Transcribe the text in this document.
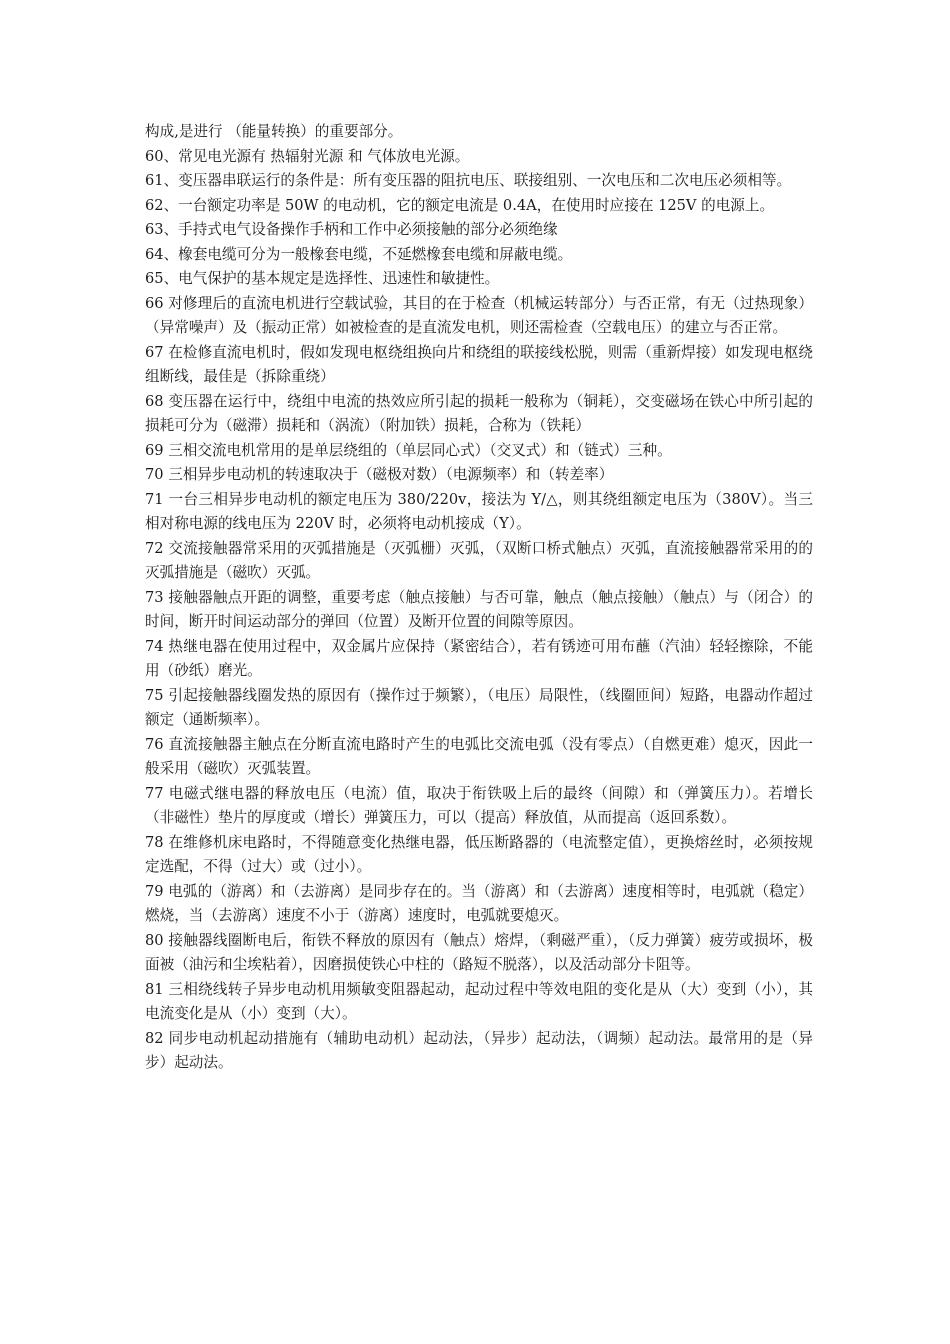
构成,是进行 （能量转换）的重要部分。

60、常见电光源有 热辐射光源 和 气体放电光源。

61、变压器串联运行的条件是：所有变压器的阻抗电压、联接组别、一次电压和二次电压必须相等。

62、一台额定功率是 50W 的电动机，它的额定电流是 0.4A，在使用时应接在 125V 的电源上。

63、手持式电气设备操作手柄和工作中必须接触的部分必须绝缘

64、橡套电缆可分为一般橡套电缆，不延燃橡套电缆和屏蔽电缆。

65、电气保护的基本规定是选择性、迅速性和敏捷性。

66 对修理后的直流电机进行空载试验，其目的在于检查（机械运转部分）与否正常，有无（过热现象）（异常噪声）及（振动正常）如被检查的是直流发电机，则还需检查（空载电压）的建立与否正常。

67 在检修直流电机时，假如发现电枢绕组换向片和绕组的联接线松脱，则需（重新焊接）如发现电枢绕组断线，最佳是（拆除重绕）

68 变压器在运行中，绕组中电流的热效应所引起的损耗一般称为（铜耗），交变磁场在铁心中所引起的损耗可分为（磁滞）损耗和（涡流）（附加铁）损耗，合称为（铁耗）

69 三相交流电机常用的是单层绕组的（单层同心式）（交叉式）和（链式）三种。

70 三相异步电动机的转速取决于（磁极对数）（电源频率）和（转差率）

71 一台三相异步电动机的额定电压为 380/220v，接法为 Y/△，则其绕组额定电压为（380V）。当三相对称电源的线电压为 220V 时，必须将电动机接成（Y）。

72 交流接触器常采用的灭弧措施是（灭弧栅）灭弧，（双断口桥式触点）灭弧，直流接触器常采用的的灭弧措施是（磁吹）灭弧。

73 接触器触点开距的调整，重要考虑（触点接触）与否可靠，触点（触点接触）（触点）与（闭合）的时间，断开时间运动部分的弹回（位置）及断开位置的间隙等原因。

74 热继电器在使用过程中，双金属片应保持（紧密结合），若有锈迹可用布蘸（汽油）轻轻擦除，不能用（砂纸）磨光。

75 引起接触器线圈发热的原因有（操作过于频繁），（电压）局限性，（线圈匝间）短路，电器动作超过额定（通断频率）。

76 直流接触器主触点在分断直流电路时产生的电弧比交流电弧（没有零点）（自燃更难）熄灭，因此一般采用（磁吹）灭弧装置。

77 电磁式继电器的释放电压（电流）值，取决于衔铁吸上后的最终（间隙）和（弹簧压力）。若增长（非磁性）垫片的厚度或（增长）弹簧压力，可以（提高）释放值，从而提高（返回系数）。

78 在维修机床电路时，不得随意变化热继电器，低压断路器的（电流整定值），更换熔丝时，必须按规定选配，不得（过大）或（过小）。

79 电弧的（游离）和（去游离）是同步存在的。当（游离）和（去游离）速度相等时，电弧就（稳定）燃烧，当（去游离）速度不小于（游离）速度时，电弧就要熄灭。

80 接触器线圈断电后，衔铁不释放的原因有（触点）熔焊，（剩磁严重），（反力弹簧）疲劳或损坏，极面被（油污和尘埃粘着），因磨损使铁心中柱的（路短不脱落），以及活动部分卡阻等。

81 三相绕线转子异步电动机用频敏变阻器起动，起动过程中等效电阻的变化是从（大）变到（小），其电流变化是从（小）变到（大）。

82 同步电动机起动措施有（辅助电动机）起动法，（异步）起动法，（调频）起动法。最常用的是（异步）起动法。
